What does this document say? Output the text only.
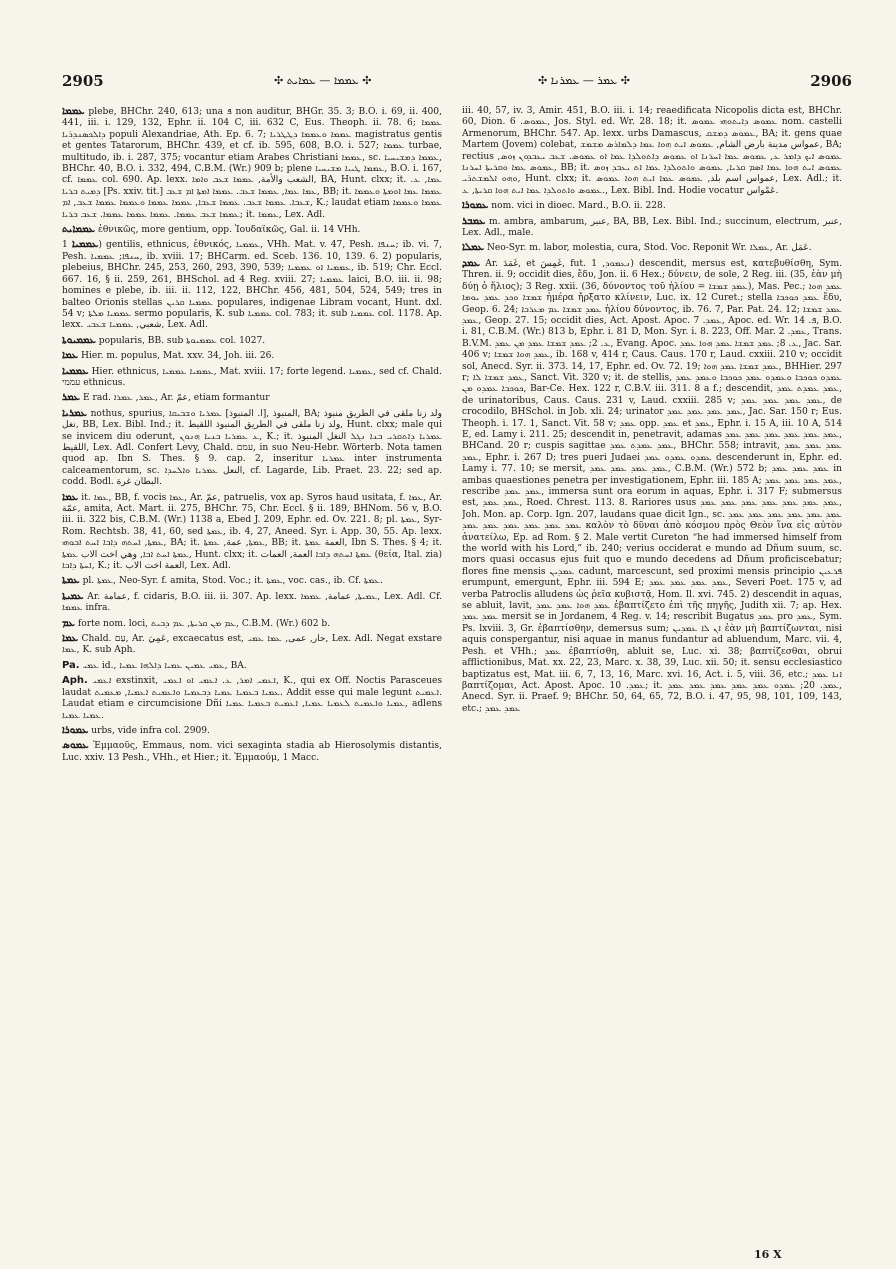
2905	✣ ܥܡܡܐ — ܥܡܐܝܬ ✣	✣ ܥܡܪ — ܥܡܪܢܐ ✣	2906

ܥܡܡܐ plebe, BHChr. 240, 613; una ܦ non auditur, BHGr. 35. 3; B.O. i. 69, ii. 400, 441, iii. i. 129, 132, Ephr. ii. 104 C, iii. 632 C, Eus. Theoph. ii. 78. 6; ܥܡܡܐ ܕܐܠܟܣܢܕܪܝܐ populi Alexandriae, Ath. Ep. 6. 7; ܥܡܡܐ ܘܥܡܡܐ ܕܛܛܪܝܐ magistratus gentis et gentes Tatarorum, BHChr. 439, et cf. ib. 595, 608, B.O. i. 527; ܥܡܡܐ turbae, multitudo, ib. i. 287, 375; vocantur etiam Arabes Christiani ܥܡܡܐ, sc. ܥܡܡܐ ܕܡܫܝܚܝܐ, BHChr. 40, B.O. i. 332, 494, C.B.M. (Wr.) 909 b; plene ܥܡܡܐ ܛܝܝܐ ܡܫܝܚܝܐ, B.O. i. 167, cf. ܥܡܡܐ col. 690. Ap. lexx. الشعب والأمة, ܥܡܡܐ ܫܥܒ ܘܐܡܐ, BA, Hunt. clxx; it. ܥܡܐ, ܥ. ܕܡܝܬ ܒܪܝܐ [Ps. xxiv. tit.] ܥܡܐ ܥܡܐ, ܥܡܡܐ ܫܥܒ. ܥܡܡܐ ܐܡܬܐ ܐܡ ܫܥܒ, BB; it. ܥܡܡܐ ܥܡܐ ܐܘܡܬܐ ܘܥܡܡܐ ܫܥܒܐ. ܥܡܡܐ ܫܥܒ. ܥܡܡܐ ܫܥܒܐ, ܥܡܡܐ ܥܡܡܐ ܘܥܡܡܐ ܥܡܡܐ ܫܥܒ, ܐܡ, K.; laudat etiam ܥܡܡܐ ܘܥܡܡܐ ܥܡܡܐ ܫܥܒ ܥܡܡܐ. ܥܡܡܐ ܥܡܡܐ ܥܡܡܐ. ܫܥܒ ܒܪܝܐ; it. ܥܡܡܐ, Lex. Adl.

ܥܡܡܐܝܬ ἐθνικῶς, more gentium, opp. Ἰουδαϊκῶς, Gal. ii. 14 VHh.

ܥܡܡܝܐ 1) gentilis, ethnicus, ἐθνικός, ܥܡܡܝܐ, VHh. Mat. v. 47, Pesh. ܚܢܦܐ; ib. vi. 7, Pesh. ܚܢܦܐ; ܥܡܡܝܐ, ib. xviii. 17; BHCarm. ed. Sceb. 136. 10, 139. 6. 2) popularis, plebeius, BHChr. 245, 253, 260, 293, 390, 539; ܥܡܡܝܐ ܐܘ ܥܡܡܝܐ, ib. 519; Chr. Eccl. 667. 16, § ii. 259, 261, BHSchol. ad 4 Reg. xviii. 27; ܥܡܡܝܐ laici, B.O. iii. ii. 98; homines e plebe, ib. iii. ii. 112, 122, BHChr. 456, 481, 504, 524, 549; tres in balteo Orionis stellas ܥܡܡܝܐ ܩܪܝܢ populares, indigenae Libram vocant, Hunt. dxl. 54 v; ܥܡܡܝܐ ܡܠܬܐ sermo popularis, K. sub ܥܡܡܝܐ col. 783; it. sub ܥܡܡܝܐ col. 1178. Ap. lexx. شعبي, ܥܡܡܝܐ ܫܥܒܝ, Lex. Adl.

ܥܡܡܝܘܬܐ popularis, BB. sub ܥܡܡܝܘܬܐ col. 1027.

ܥܡܐ Hier. m. populus, Mat. xxv. 34, Joh. iii. 26.

ܥܡܡܝܐ Hier. ethnicus, ܥܡܡܝܐ ܥܡܡܝܐ, Mat. xviii. 17; forte legend. ܥܡܡܝܐ, sed cf. Chald. עממי ethnicus.

ܥܡܪ E rad. ܥܡܪ, ܥܡܪܐ, Ar. عمّ, etiam formantur

ܥܡܪܝܐ nothus, spurius, المنبوذ ,[ا. المنبوذ] ܥܡܪܝܐ ܘܫܒܝܩܐ, BA; ولد زنا ملقى في الطريق منبوذ نغل, BB, Lex. Bibl. Ind.; it. ولد زنا ملقى في الطريق المنبوذ اللقيط, Hunt. clxx; male qui se invicem diu oderunt, ܥ ܥܡܪܝܐ ܒܢܝܐ ܗܢܘܢ, K.; it. ܥܡܪܝܐ ܕܐܬܩܪܝ ܒܢܐ ܢܓܠ النغل المنبوذ اللقيط, Lex. Adl. Confert Levy, Chald. עמם, in suo Neu-Hebr. Wörterb. Nota tamen quod ap. Ibn S. Thes. § 9. cap. 2, inseritur ܥܡܪܝܐ inter instrumenta calceamentorum, sc. النعل ܥܡܪܝܐ ܘܐܠܚܕܐ, cf. Lagarde, Lib. Praet. 23. 22; sed ap. codd. Bodl. البطان غرة.

ܥܡܐ it. ܥܡܐ, BB, f. vocis ܥܡܐ, Ar. عمّ, patruelis, vox ap. Syros haud usitata, f. ܥܡܐ, Ar. عمّة, amita, Act. Mart. ii. 275, BHChr. 75, Chr. Eccl. § ii. 189, BHNom. 56 v, B.O. iii. ii. 322 bis, C.B.M. (Wr.) 1138 a, Ebed J. 209, Ephr. ed. Ov. 221. 8; pl. ܥܡܬܐ, Syr-Rom. Rechtsb. 38, 41, 60, sed ܥܡܬܐ, ib. 4, 27, Aneed. Syr. i. App. 30, 55. Ap. lexx. ܥܡܬܐ, ܐܚܬܗ ܕܐܒܐ ܐܚܬ ܐܒܘܗܝ, BA; it. ܥܡܬܐ, عمة, ܥܡܬܐ, BB; it. العمة ܥܡܬܐ, Ibn S. Thes. § 4; it. ܥܡܬܐ ܐܚܬ ܐܒܐ, وهي اخت الاب ܥܡܬܐ, Hunt. clxx; it. ܥܡܬܐ ܐܚܬܗ ܕܐܒܐ العمة, العمات (θεία, Ital. zia) ܐܚܬܐ ܕܐܒܐ, K.; it. العمة اخت الاب, Lex. Adl.

ܥܡܬܐ pl. ܥܡܬܐ, Neo-Syr. f. amita, Stod. Voc.; it. ܥܡܬܐ, voc. cas., ib. Cf. ܥܡܬܐ.

ܥܡܝܬܐ Ar. عمامة, f. cidaris, B.O. iii. ii. 307. Ap. lexx. ܥܡܝܬܐ, عمامة, ܥܡܡܐ, Lex. Adl. Cf. ܥܡܡܐ infra.

ܥܡ forte nom. loci, ܥܡ ܡܢ ܩܪܝܬܐ, ܥܡ ܕܒܝܬ, C.B.M. (Wr.) 602 b.

ܥܡܐ Chald. עַם, Ar. عَمِيَ, excaecatus est, حار, عمى, ܥܡܐ ܥܡܝ, Lex. Adl. Negat exstare ܥܡܐ, K. sub Aph.

Pa. ܥܡܝ id., ܥܡܝ ܥܡܝܢ ܥܡܝܐ ܕܐܠܗܐ ܥܡܝܐ, BA.

Aph. ܐܥܡܝ exstinxit, ܐܥܡܝ ܐܡܪ, ܥ. ܐܥܡܝ ܐܘ ܐܥܡܝ, K., qui ex Off. Noctis Parasceues laudat ܥܡܝܐ ܒܥܡܝܐ ܥܡܝܐ ܕܒܥܡܝܐ ܘܐܥܡܝܬ ܐܥܡܝܐ, ܡܥܡܝܬ. Addit esse qui male legunt ܐܥܡܝܬ. Laudat etiam e circumcisione Dñi ܥܡܝܐ ܘܐܥܡܝܬ ܠܥܡܝܐ ܥܡܝܐ, ܐܥܡܝܬ ܒܥܡܝܐ ܥܡܝܐ, adlens ܥܡܝܐ ܥܡܝܐ.

ܥܡܘܪܐ urbs, vide infra col. 2909.

ܥܡܘܣ Ἐμμαοῦς, Emmaus, nom. vici sexaginta stadia ab Hierosolymis distantis, Luc. xxiv. 13 Pesh., VHh., et Hier.; it. Ἐμμαούμ, 1 Macc.

iii. 40, 57, iv. 3, Amir. 451, B.O. iii. i. 14; reaedificata Nicopolis dicta est, BHChr. 60, Dion. ܥܡܘܣ. 6, Jos. Styl. ed. Wr. 28. 18; it. ܥܡܘܣ ܕܐܝܬܘܗܝ ܥܡܘܣ nom. castelli Armenorum, BHChr. 547. Ap. lexx. urbs Damascus, ܥܡܘܣ ܕܡܫܩ, BA; it. gens quae Martem (Jovem) colebat, عمواس مدينة بارض الشام, ܥܡܘܣ ܐܝܬ ܗܘܐ ܥܡܐ ܕܠܡܐܪܣ ܡܫܡܫ, BA; rectius ܥܡܘܣ ܐܝܟ ܕܐܡܪ ܥ, ܥܡܘܣ ܥܡܐ ܐܚܪܢܐ ܐܘ ܥܡܘܣ ܕܐܬܘܠܕܐ ܥܡܐ ܐܘ ܥܡܘܣ. ܫܥܒ ܝܥܒܕܘܢ ܙܘܣ, ܥܡܘܣ ܥܡܐ ܘܩܪܝܬܐ ܐܚܪܢܐ, BB; it. ܥܡܘܣ ܐܝܬ ܗܘܐ ܥܡܐ ܐܣܡ ܩܪܝܐ, ܥܡܘܣ ܘܐܬܘܠܕܐ ܥܡܐ ܐܬ ܝܥܒܕ ܙܘܣ ܘܗܘ ܐܠܡܫܬܪܝ, Hunt. clxx; it. عمواس اسم بلد, ܥܡܘܣ ܥܡܐ ܐܝܬ ܗܘܐ ܥܡܘܣ, Lex. Adl.; it. ܥܡܘܣ ܘܐܬܘܠܕܐ ܥܡܐ ܐܝܬ ܗܘܐ ܩܪܝܬܐ, ܥ., Lex. Bibl. Ind. Hodie vocatur عَمْواس.

ܥܡܘܪܐ nom. vici in dioec. Mard., B.O. ii. 228.

ܥܡܒܪ m. ambra, ambarum, عنبر, BA, BB, Lex. Bibl. Ind.; succinum, electrum, عنبر, Lex. Adl., male.

ܥܡܠܐ Neo-Syr. m. labor, molestia, cura, Stod. Voc. Reponit Wr. ܥܡܠܐ, Ar. عَمَل.

ܥܡܕ Ar. غَمَدَ, et غَمِسَ, fut. ܢܥܡܘܕ, 1) descendit, mersus est, κατεβυθίσθη, Sym. Thren. ii. 9; occidit dies, ἔδυ, Jon. ii. 6 Hex.; δύνειν, de sole, 2 Reg. iii. (35, ἐὰν μὴ δύῃ ὁ ἥλιος); 3 Reg. xxii. (36, δύνοντος τοῦ ἡλίου = ܥܡܕ ܫܡܫܐ), Mas. Pec.; ܥܡܕ ܗܘܐ ܫܡܫܐ ܘܟܕ ܥܡܕ ܝܘܡܐ ἡμέρα ἤρξατο κλίνειν, Luc. ix. 12 Curet.; stella ܥܡܕ ܟܘܟܒܐ ἔδυ, Geop. 6. 24; ܥܡܕ ܫܡܫܐ ܥܡ ܡܥܪܒܐ ἡλίου δύνοντος, ib. 76. 7, Par. Pat. 24. 12; ܥܡܕ ܫܡܫܐ ܥܡܕ, Geop. 27. 15; occidit dies, Act. Apost. Apoc. ܥܡܕ. 7, Apoc. ed. Wr. ܦ. 14, B.O. i. 81, C.B.M. (Wr.) 813 b, Ephr. i. 81 D, Mon. Syr. i. 8. 223, Off. Mar. ܥܡܕ. 2, Trans. B.V.M. ܥ. 2; ܥܡܕ ܫܡܫܐ ܥܡܕ ܡܢ ܥܡܕ, Evang. Apoc. ܥ. 8; ܥܡܕ ܫܡܫܐ ܥܡܕ ܗܘܐ ܥܡܕ, Jac. Sar. 406 v; ܥܡܕ ܗܘܐ ܫܡܫܐ, ib. 168 v, 414 r, Caus. Caus. 170 r, Laud. cxxiii. 210 v; occidit sol, Anecd. Syr. ii. 373. 14, 17, Ephr. ed. Ov. 72. 19; ܥܡܕ ܫܡܫܐ ܥܡܕ ܗܘܐ, BHHier. 297 r; ܥܡܕ ܫܡܫܐ ܠܐ, Sanct. Vit. 320 v; it. de stellis, ܥܡܕܘ ܟܘܟܒܐ ܘܥܡܕܘ ܥܡܕ ܟܘܟܒܐ ܘܥܡܕ ܥܡܕ ܟܘܟܒܐ ܥܡܕܘ ܡܢ, Bar-Ce. Hex. 122 r, C.B.V. iii. 311. 8 a f.; descendit, ܥܡܕ ܥܡܕܬ ܥܡܕ, de urinatoribus, Caus. Caus. 231 v, Laud. cxxiii. 285 v; ܥܡܕ ܥܡܕ ܥܡܕ ܥܡܕ, de crocodilo, BHSchol. in Job. xli. 24; urinator ܥܡܕ ܥܡܕ ܥܡܕ ܥܡܕ, Jac. Sar. 150 r; Eus. Theoph. i. 17. 1, Sanct. Vit. 58 v; ܥܡܕ opp. ܥܡܕ et ܥܡܕ, Ephr. i. 15 A, iii. 10 A, 514 E, ed. Lamy i. 211. 25; descendit in, penetravit, adamas ܥܡܕ ܥܡܕ ܥܡܕ ܥܡܕ ܥܡܕ ܥܡܕ, BHCand. 20 r; cuspis sagittae ܥܡܕ ܥܡܕܬ ܥܡܕ, BHChr. 558; intravit, ܥܡܕ ܥܡܕ ܥܡܕ ܥܡܕ, Ephr. i. 267 D; tres pueri Judaei ܥܡܕܘ ܥܡܕܘ ܥܡܕ descenderunt in, Ephr. ed. Lamy i. 77. 10; se mersit, ܥܡܕ ܥܡܕ ܥܡܕ ܥܡܕ, C.B.M. (Wr.) 572 b; ܥܡܕ ܥܡܕ ܥܡܕ in ambas quaestiones penetra per investigationem, Ephr. iii. 185 A; ܥܡܕ ܥܡܕ ܥܡܕ ܥܡܕ, rescribe ܥܡܕ ܥܡܕ, immersa sunt ora eorum in aquas, Ephr. i. 317 F; submersus est, ܥܡܕ ܥܡܕ, Roed. Chrest. 113. 8. Rariores usus ܥܡܕ ܥܡܕ ܥܡܕ ܥܡܕ ܥܡܕ ܥܡܕ ܥܡܕ, Joh. Mon. ap. Corp. Ign. 207, laudans quae dicit Ign., sc. ܥܡܕ ܥܡܕ ܥܡܕ ܥܡܕ ܥܡܕ ܥܡܕ ܥܡܕ ܥܡܕ ܥܡܕ ܥܡܕ ܥܡܕ ܥܡܕ καλὸν τὸ δῦναι ἀπὸ κόσμου πρὸς Θεὸν ἵνα εἰς αὐτὸν ἀνατείλω, Ep. ad Rom. § 2. Male vertit Cureton “he had immersed himself from the world with his Lord,” ib. 240; verius occiderat e mundo ad Dñum suum, sc. mors quasi occasus ejus fuit quo e mundo decedens ad Dñum proficiscebatur; flores fine mensis ܥܡܕܝܢ cadunt, marcescunt, sed proximi mensis principio ܦܪܥܝܢ erumpunt, emergunt, Ephr. iii. 594 E; ܥܡܕ ܥܡܕ ܥܡܕ ܥܡܕ, Severi Poet. 175 v, ad verba Patroclis alludens ὡς ῥεῖα κυβιστᾷ, Hom. Il. xvi. 745. 2) descendit in aquas, se abluit, lavit, ܥܡܕ ܗܘܐ ܥܡܕ ܥܡܕ ἐβαπτίζετο ἐπὶ τῆς πηγῆς, Judith xii. 7; ap. Hex. ܥܡܕ ܥܡܕ mersit se in Jordanem, 4 Reg. v. 14; rescribit Bugatus ܥܡܕ pro ܥܡܕ, Sym. Ps. lxviii. 3, Gr. ἐβαπτίσθην, demersus sum; ܐܢ ܠܐ ܥܡܕܝܢ ἐὰν μὴ βαπτίζωνται, nisi aquis conspergantur, nisi aquae in manus fundantur ad abluendum, Marc. vii. 4, Pesh. et VHh.; ܥܡܕ ἐβαπτίσθη, abluit se, Luc. xi. 38; βαπτίζεσθαι, obrui afflictionibus, Mat. xx. 22, 23, Marc. x. 38, 39, Luc. xii. 50; it. sensu ecclesiastico baptizatus est, Mat. iii. 6, 7, 13, 16, Marc. xvi. 16, Act. i. 5, viii. 36, etc.; ܐܢܐ ܥܡܕ βαπτίζομαι, Act. Apost. Apoc. ܥܡܕ. 10; it. ܥܡܕ. 20; ܥܡܕܘ ܥܡܕ ܥܡܕ ܥܡܕ ܥܡܕ ܥܡܕ, Anecd. Syr. ii. Praef. 9; BHChr. 50, 64, 65, 72, B.O. i. 47, 95, 98, 101, 109, 143, etc.; ܥܡܕ ܥܡܕ

16 X
